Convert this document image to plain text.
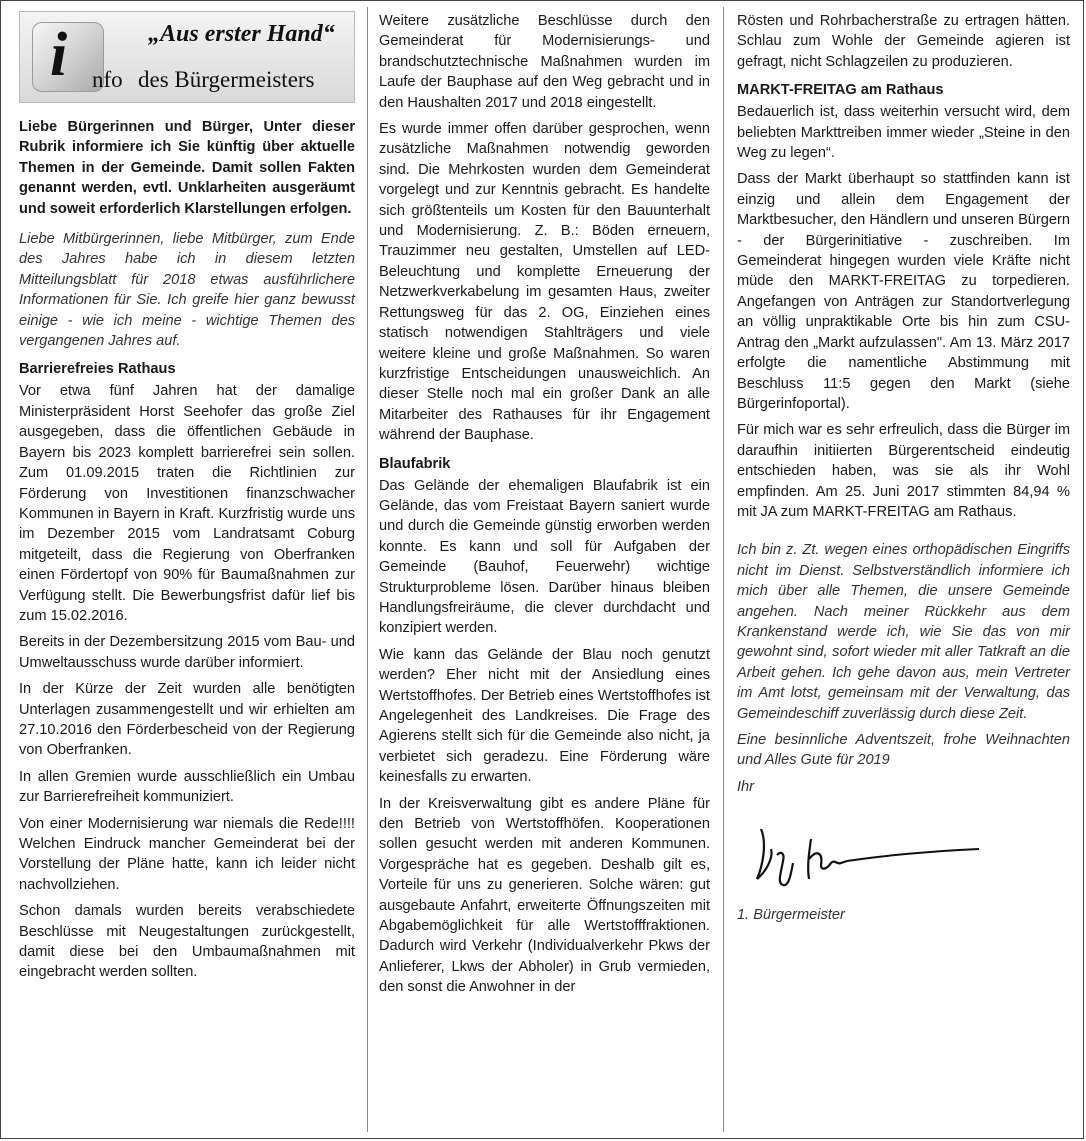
i nfo
„Aus erster Hand“
des Bürgermeisters

Liebe Bürgerinnen und Bürger, Unter dieser Rubrik informiere ich Sie künftig über aktuelle Themen in der Gemeinde. Damit sollen Fakten genannt werden, evtl. Unklarheiten ausgeräumt und soweit erforderlich Klarstellungen erfolgen.

Liebe Mitbürgerinnen, liebe Mitbürger, zum Ende des Jahres habe ich in diesem letzten Mitteilungsblatt für 2018 etwas ausführlichere Informationen für Sie. Ich greife hier ganz bewusst einige - wie ich meine - wichtige Themen des vergangenen Jahres auf.

Barrierefreies Rathaus

Vor etwa fünf Jahren hat der damalige Ministerpräsident Horst Seehofer das große Ziel ausgegeben, dass die öffentlichen Gebäude in Bayern bis 2023 komplett barrierefrei sein sollen. Zum 01.09.2015 traten die Richtlinien zur Förderung von Investitionen finanzschwacher Kommunen in Bayern in Kraft. Kurzfristig wurde uns im Dezember 2015 vom Landratsamt Coburg mitgeteilt, dass die Regierung von Oberfranken einen Fördertopf von 90% für Baumaßnahmen zur Verfügung stellt. Die Bewerbungsfrist dafür lief bis zum 15.02.2016.

Bereits in der Dezembersitzung 2015 vom Bau- und Umweltausschuss wurde darüber informiert.

In der Kürze der Zeit wurden alle benötigten Unterlagen zusammengestellt und wir erhielten am 27.10.2016 den Förderbescheid von der Regierung von Oberfranken.

In allen Gremien wurde ausschließlich ein Umbau zur Barrierefreiheit kommuniziert.

Von einer Modernisierung war niemals die Rede!!!! Welchen Eindruck mancher Gemeinderat bei der Vorstellung der Pläne hatte, kann ich leider nicht nachvollziehen.

Schon damals wurden bereits verabschiedete Beschlüsse mit Neugestaltungen zurückgestellt, damit diese bei den Umbaumaßnahmen mit eingebracht werden sollten.

Weitere zusätzliche Beschlüsse durch den Gemeinderat für Modernisierungs- und brandschutztechnische Maßnahmen wurden im Laufe der Bauphase auf den Weg gebracht und in den Haushalten 2017 und 2018 eingestellt.

Es wurde immer offen darüber gesprochen, wenn zusätzliche Maßnahmen notwendig geworden sind. Die Mehrkosten wurden dem Gemeinderat vorgelegt und zur Kenntnis gebracht. Es handelte sich größtenteils um Kosten für den Bauunterhalt und Modernisierung. Z. B.: Böden erneuern, Trauzimmer neu gestalten, Umstellen auf LED-Beleuchtung und komplette Erneuerung der Netzwerkverkabelung im gesamten Haus, zweiter Rettungsweg für das 2. OG, Einziehen eines statisch notwendigen Stahlträgers und viele weitere kleine und große Maßnahmen. So waren kurzfristige Entscheidungen unausweichlich. An dieser Stelle noch mal ein großer Dank an alle Mitarbeiter des Rathauses für ihr Engagement während der Bauphase.

Blaufabrik

Das Gelände der ehemaligen Blaufabrik ist ein Gelände, das vom Freistaat Bayern saniert wurde und durch die Gemeinde günstig erworben werden konnte. Es kann und soll für Aufgaben der Gemeinde (Bauhof, Feuerwehr) wichtige Strukturprobleme lösen. Darüber hinaus bleiben Handlungsfreiräume, die clever durchdacht und konzipiert werden.

Wie kann das Gelände der Blau noch genutzt werden? Eher nicht mit der Ansiedlung eines Wertstoffhofes. Der Betrieb eines Wertstoffhofes ist Angelegenheit des Landkreises. Die Frage des Agierens stellt sich für die Gemeinde also nicht, ja verbietet sich geradezu. Eine Förderung wäre keinesfalls zu erwarten.

In der Kreisverwaltung gibt es andere Pläne für den Betrieb von Wertstoffhöfen. Kooperationen sollen gesucht werden mit anderen Kommunen. Vorgespräche hat es gegeben. Deshalb gilt es, Vorteile für uns zu generieren. Solche wären: gut ausgebaute Anfahrt, erweiterte Öffnungszeiten mit Abgabemöglichkeit für alle Wertstofffraktionen. Dadurch wird Verkehr (Individualverkehr Pkws der Anlieferer, Lkws der Abholer) in Grub vermieden, den sonst die Anwohner in der

Rösten und Rohrbacherstraße zu ertragen hätten. Schlau zum Wohle der Gemeinde agieren ist gefragt, nicht Schlagzeilen zu produzieren.

MARKT-FREITAG am Rathaus

Bedauerlich ist, dass weiterhin versucht wird, dem beliebten Markttreiben immer wieder „Steine in den Weg zu legen“.

Dass der Markt überhaupt so stattfinden kann ist einzig und allein dem Engagement der Marktbesucher, den Händlern und unseren Bürgern - der Bürgerinitiative - zuschreiben. Im Gemeinderat hingegen wurden viele Kräfte nicht müde den MARKT-FREITAG zu torpedieren. Angefangen von Anträgen zur Standortverlegung an völlig unpraktikable Orte bis hin zum CSU-Antrag den „Markt aufzulassen". Am 13. März 2017 erfolgte die namentliche Abstimmung mit Beschluss 11:5 gegen den Markt (siehe Bürgerinfoportal).

Für mich war es sehr erfreulich, dass die Bürger im daraufhin initiierten Bürgerentscheid eindeutig entschieden haben, was sie als ihr Wohl empfinden. Am 25. Juni 2017 stimmten 84,94 % mit JA zum MARKT-FREITAG am Rathaus.

Ich bin z. Zt. wegen eines orthopädischen Eingriffs nicht im Dienst. Selbstverständlich informiere ich mich über alle Themen, die unsere Gemeinde angehen. Nach meiner Rückkehr aus dem Krankenstand werde ich, wie Sie das von mir gewohnt sind, sofort wieder mit aller Tatkraft an die Arbeit gehen. Ich gehe davon aus, mein Vertreter im Amt lotst, gemeinsam mit der Verwaltung, das Gemeindeschiff zuverlässig durch diese Zeit.

Eine besinnliche Adventszeit, frohe Weihnachten und Alles Gute für 2019

Ihr

1. Bürgermeister
